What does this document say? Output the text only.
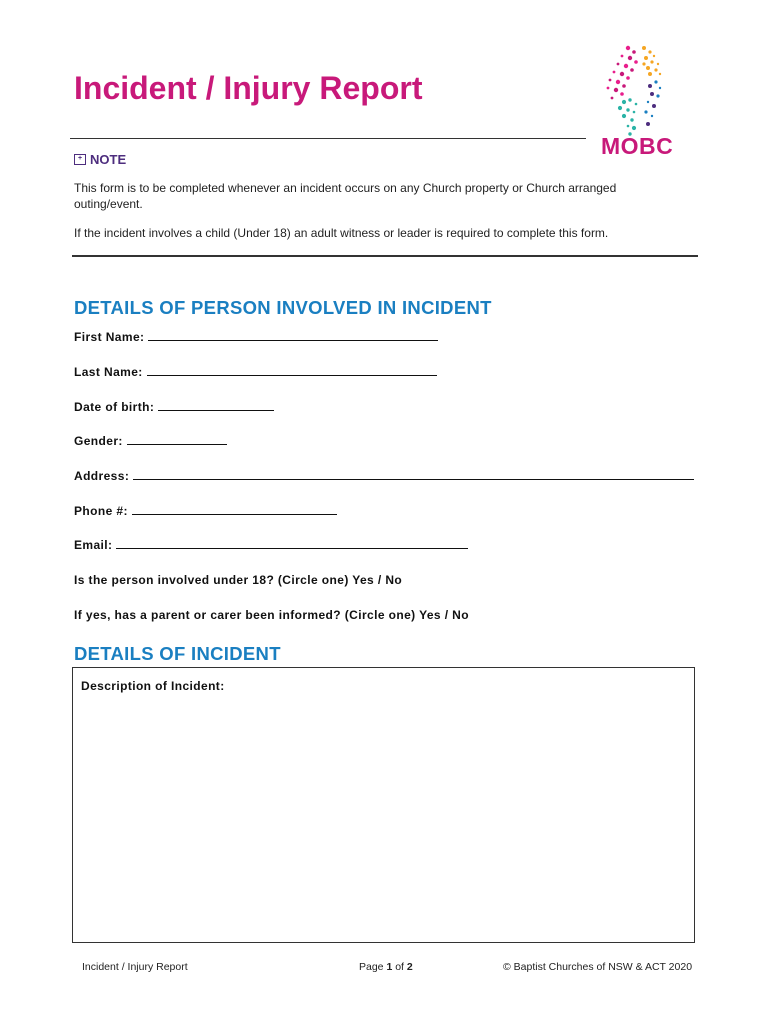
Incident / Injury Report
MOBC
+ NOTE
This form is to be completed whenever an incident occurs on any Church property or Church arranged outing/event.
If the incident involves a child (Under 18) an adult witness or leader is required to complete this form.
DETAILS OF PERSON INVOLVED IN INCIDENT
First Name:
Last Name:
Date of birth:
Gender:
Address:
Phone #:
Email:
Is the person involved under 18? (Circle one) Yes / No
If yes, has a parent or carer been informed? (Circle one) Yes / No
DETAILS OF INCIDENT
Description of Incident:
Incident / Injury Report	Page 1 of 2	© Baptist Churches of NSW & ACT 2020
